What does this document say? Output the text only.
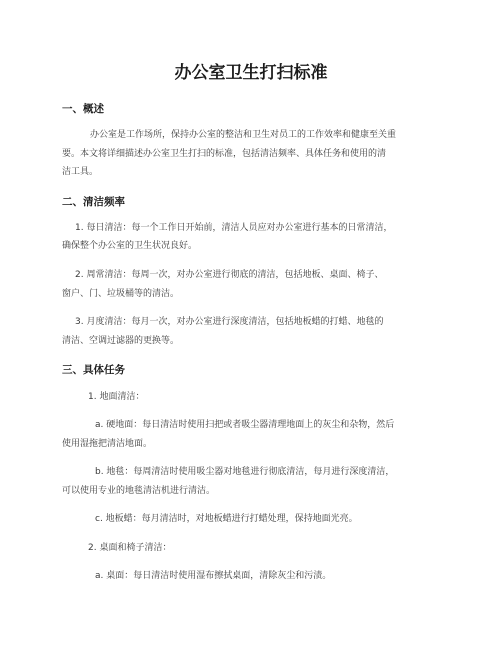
办公室卫生打扫标准
一、概述
办公室是工作场所，保持办公室的整洁和卫生对员工的工作效率和健康至关重
要。本文将详细描述办公室卫生打扫的标准，包括清洁频率、具体任务和使用的清
洁工具。
二、清洁频率
1. 每日清洁：每一个工作日开始前，清洁人员应对办公室进行基本的日常清洁，
确保整个办公室的卫生状况良好。
2. 周常清洁：每周一次，对办公室进行彻底的清洁，包括地板、桌面、椅子、
窗户、门、垃圾桶等的清洁。
3. 月度清洁：每月一次，对办公室进行深度清洁，包括地板蜡的打蜡、地毯的
清洁、空调过滤器的更换等。
三、具体任务
1. 地面清洁：
a. 硬地面：每日清洁时使用扫把或者吸尘器清理地面上的灰尘和杂物，然后
使用湿拖把清洁地面。
b. 地毯：每周清洁时使用吸尘器对地毯进行彻底清洁，每月进行深度清洁，
可以使用专业的地毯清洁机进行清洁。
c. 地板蜡：每月清洁时，对地板蜡进行打蜡处理，保持地面光亮。
2. 桌面和椅子清洁：
a. 桌面：每日清洁时使用湿布擦拭桌面，清除灰尘和污渍。
